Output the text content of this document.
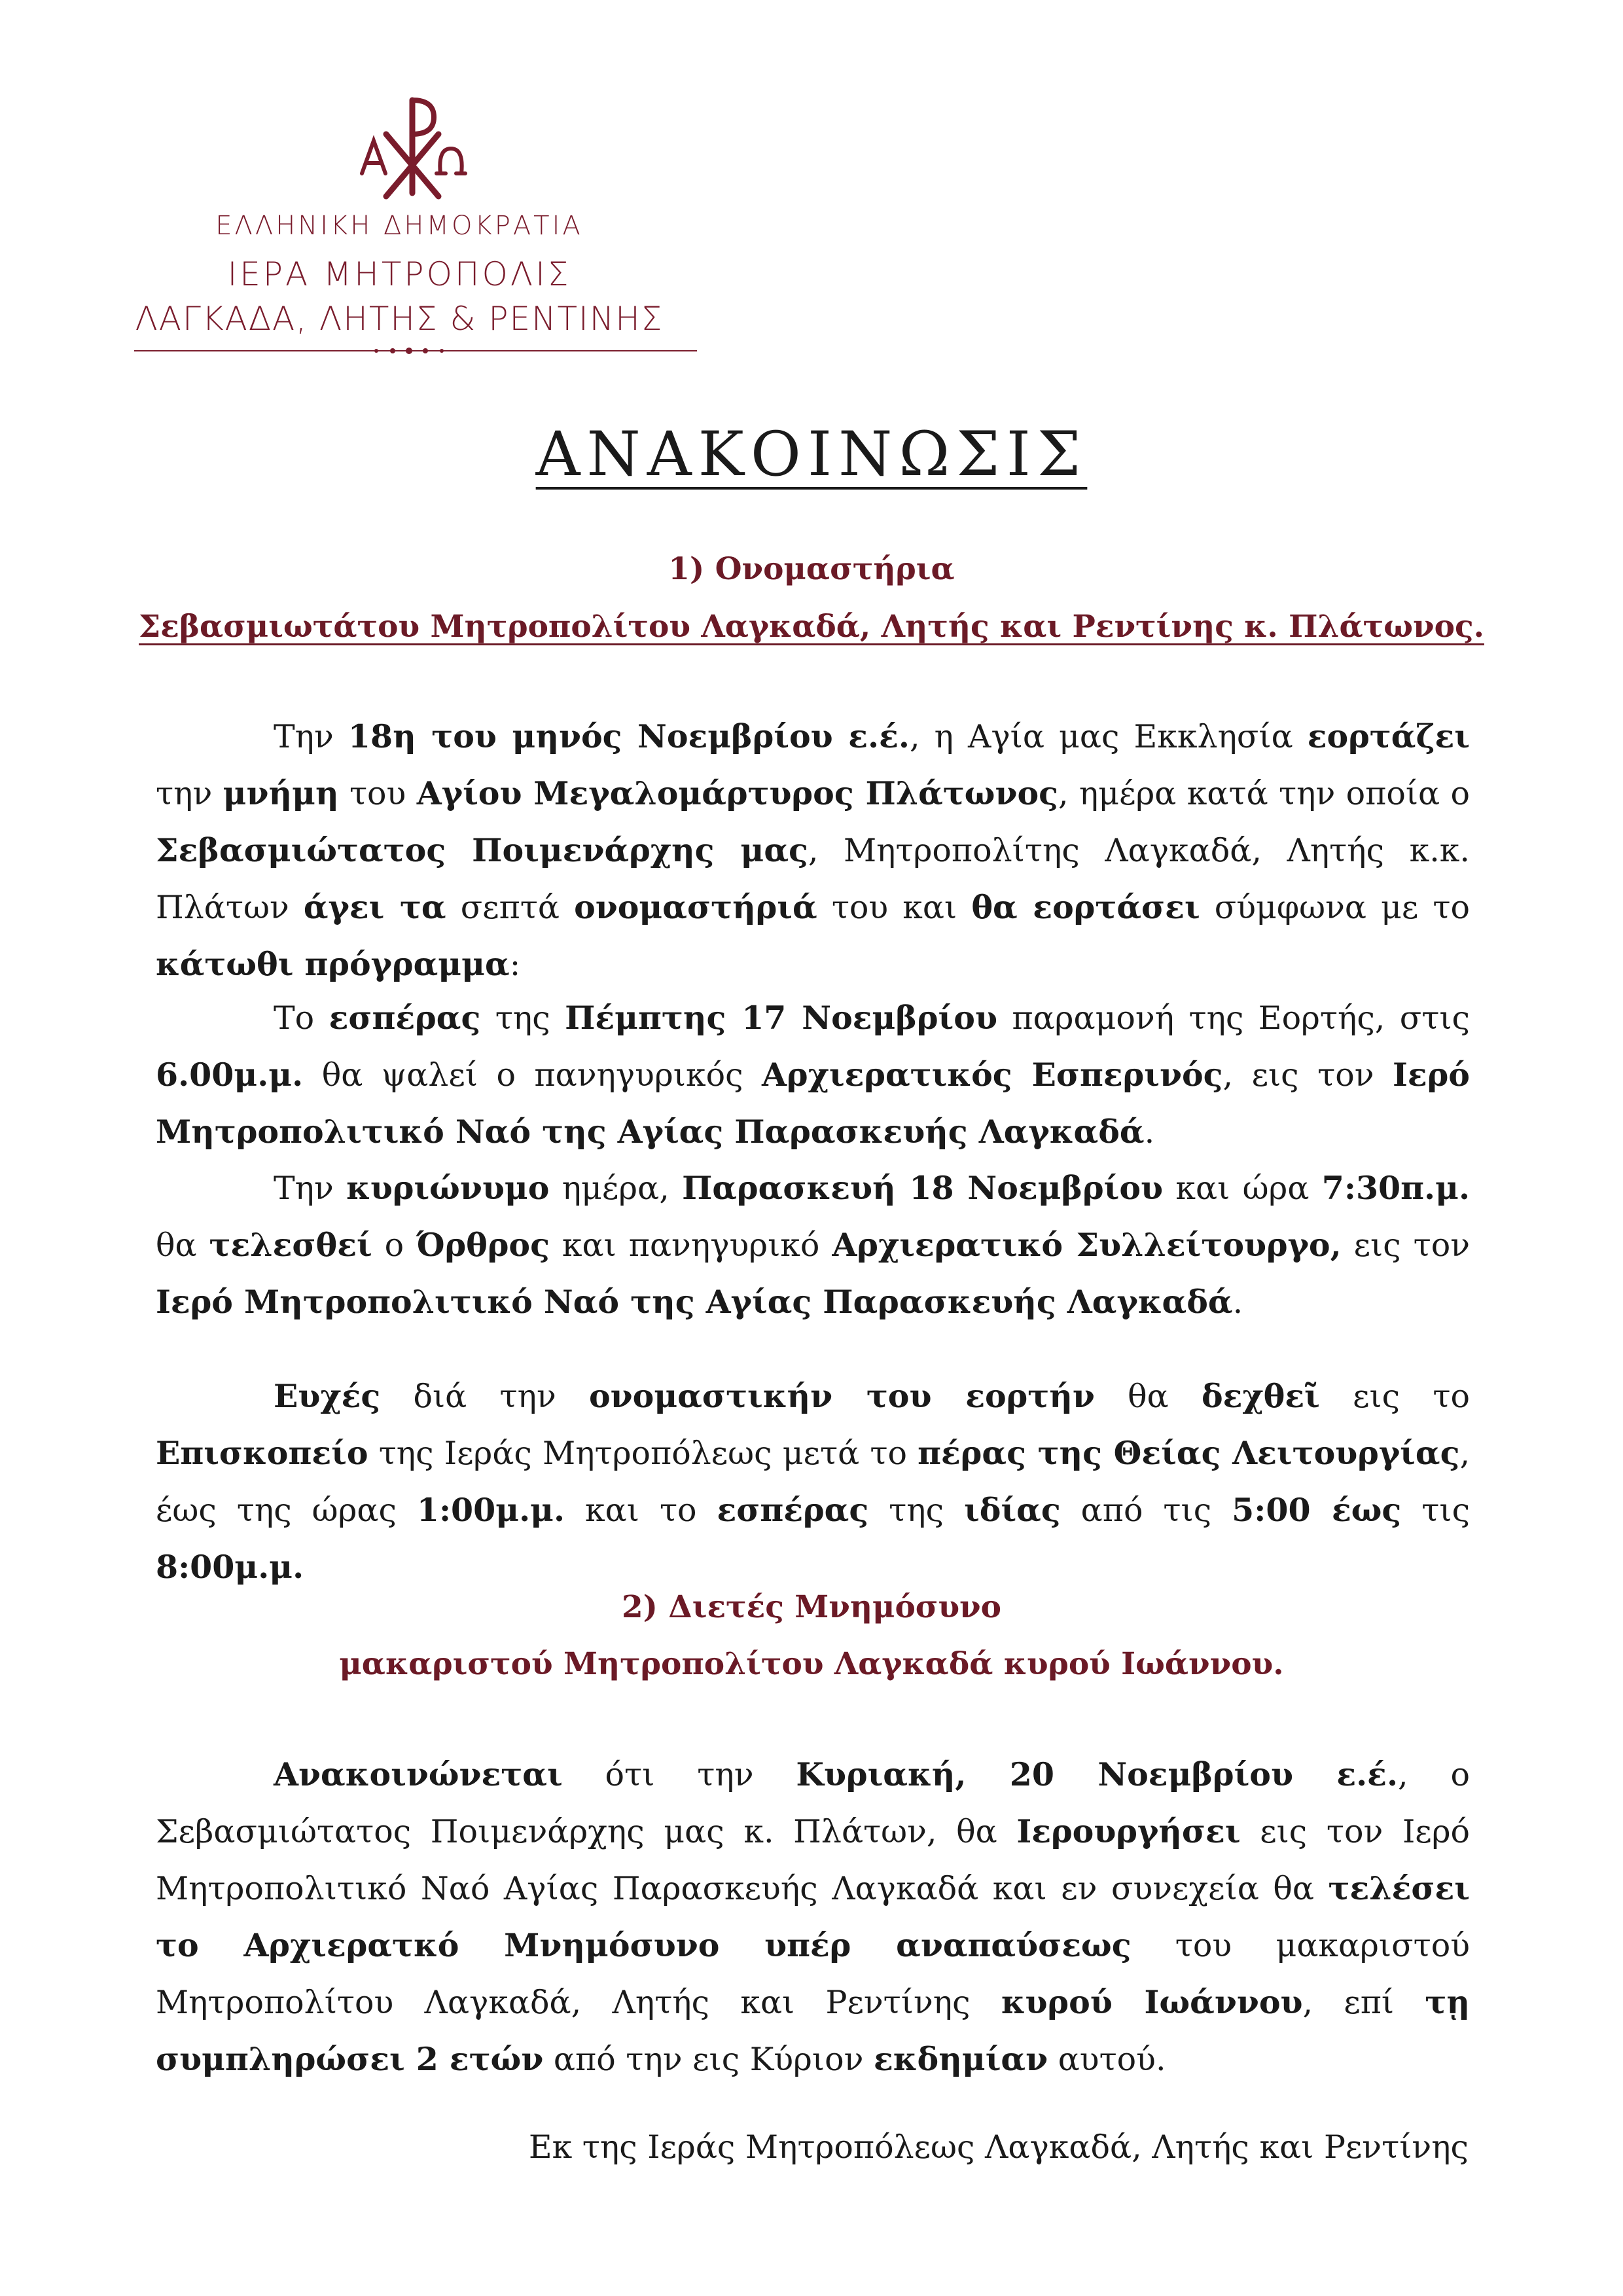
ΕΛΛΗΝΙΚΗ ΔΗΜΟΚΡΑΤΙΑ
ΙΕΡΑ ΜΗΤΡΟΠΟΛΙΣ
ΛΑΓΚΑΔΑ, ΛΗΤΗΣ & ΡΕΝΤΙΝΗΣ
ΑΝΑΚΟΙΝΩΣΙΣ
1) Ονομαστήρια
Σεβασμιωτάτου Μητροπολίτου Λαγκαδά, Λητής και Ρεντίνης κ. Πλάτωνος.
Την 18η του μηνός Νοεμβρίου ε.έ., η Αγία μας Εκκλησία εορτάζει την μνήμη του Αγίου Μεγαλομάρτυρος Πλάτωνος, ημέρα κατά την οποία ο Σεβασμιώτατος Ποιμενάρχης μας, Μητροπολίτης Λαγκαδά, Λητής κ.κ. Πλάτων άγει τα σεπτά ονομαστήριά του και θα εορτάσει σύμφωνα με το κάτωθι πρόγραμμα:
Το εσπέρας της Πέμπτης 17 Νοεμβρίου παραμονή της Εορτής, στις 6.00μ.μ. θα ψαλεί ο πανηγυρικός Αρχιερατικός Εσπερινός, εις τον Ιερό Μητροπολιτικό Ναό της Αγίας Παρασκευής Λαγκαδά.
Την κυριώνυμο ημέρα, Παρασκευή 18 Νοεμβρίου και ώρα 7:30π.μ. θα τελεσθεί ο Όρθρος και πανηγυρικό Αρχιερατικό Συλλείτουργο, εις τον Ιερό Μητροπολιτικό Ναό της Αγίας Παρασκευής Λαγκαδά.
Ευχές διά την ονομαστικήν του εορτήν θα δεχθεῖ εις το Επισκοπείο της Ιεράς Μητροπόλεως μετά το πέρας της Θείας Λειτουργίας, έως της ώρας 1:00μ.μ. και το εσπέρας της ιδίας από τις 5:00 έως τις 8:00μ.μ.
2) Διετές Μνημόσυνο
μακαριστού Μητροπολίτου Λαγκαδά κυρού Ιωάννου.
Ανακοινώνεται ότι την Κυριακή, 20 Νοεμβρίου ε.έ., ο Σεβασμιώτατος Ποιμενάρχης μας κ. Πλάτων, θα Ιερουργήσει εις τον Ιερό Μητροπολιτικό Ναό Αγίας Παρασκευής Λαγκαδά και εν συνεχεία θα τελέσει το Αρχιερατκό Μνημόσυνο υπέρ αναπαύσεως του μακαριστού Μητροπολίτου Λαγκαδά, Λητής και Ρεντίνης κυρού Ιωάννου, επί τῃ συμπληρώσει 2 ετών από την εις Κύριον εκδημίαν αυτού.
Εκ της Ιεράς Μητροπόλεως Λαγκαδά, Λητής και Ρεντίνης
